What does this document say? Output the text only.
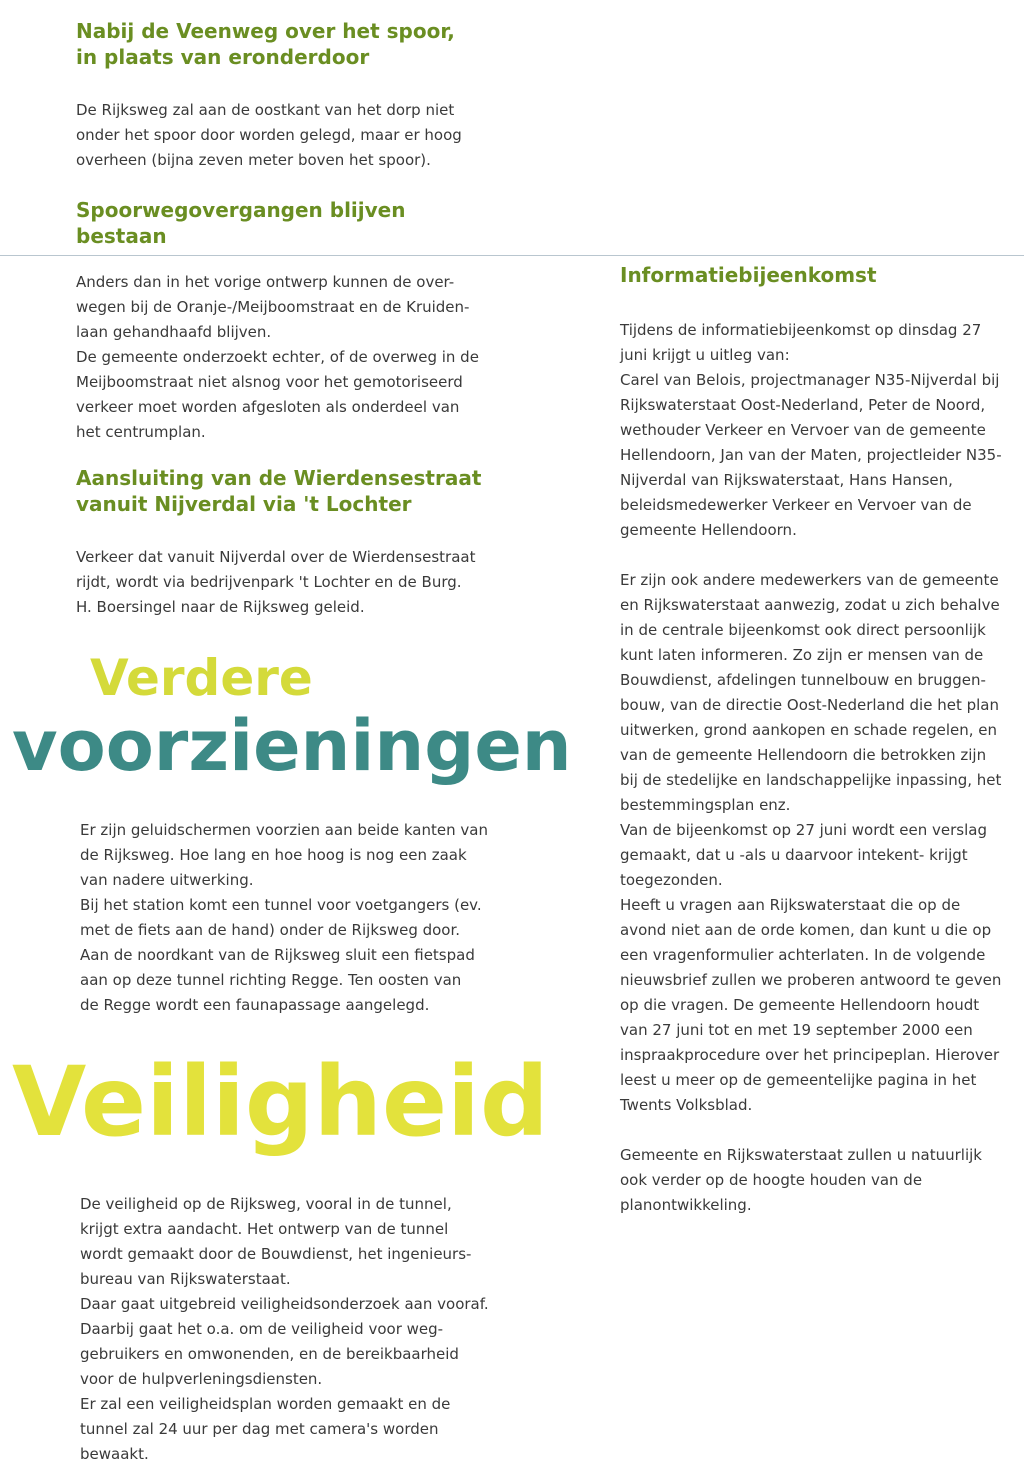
Nabij de Veenweg over het spoor,
in plaats van eronderdoor

De Rijksweg zal aan de oostkant van het dorp niet
onder het spoor door worden gelegd, maar er hoog
overheen (bijna zeven meter boven het spoor).

Spoorwegovergangen blijven
bestaan

Anders dan in het vorige ontwerp kunnen de over-
wegen bij de Oranje-/Meijboomstraat en de Kruiden-
laan gehandhaafd blijven.
De gemeente onderzoekt echter, of de overweg in de
Meijboomstraat niet alsnog voor het gemotoriseerd
verkeer moet worden afgesloten als onderdeel van
het centrumplan.

Aansluiting van de Wierdensestraat
vanuit Nijverdal via 't Lochter

Verkeer dat vanuit Nijverdal over de Wierdensestraat
rijdt, wordt via bedrijvenpark 't Lochter en de Burg.
H. Boersingel naar de Rijksweg geleid.

Verdere
voorzieningen

Er zijn geluidschermen voorzien aan beide kanten van
de Rijksweg. Hoe lang en hoe hoog is nog een zaak
van nadere uitwerking.
Bij het station komt een tunnel voor voetgangers (ev.
met de fiets aan de hand) onder de Rijksweg door.
Aan de noordkant van de Rijksweg sluit een fietspad
aan op deze tunnel richting Regge. Ten oosten van
de Regge wordt een faunapassage aangelegd.

Veiligheid

De veiligheid op de Rijksweg, vooral in de tunnel,
krijgt extra aandacht. Het ontwerp van de tunnel
wordt gemaakt door de Bouwdienst, het ingenieurs-
bureau van Rijkswaterstaat.
Daar gaat uitgebreid veiligheidsonderzoek aan vooraf.
Daarbij gaat het o.a. om de veiligheid voor weg-
gebruikers en omwonenden, en de bereikbaarheid
voor de hulpverleningsdiensten.
Er zal een veiligheidsplan worden gemaakt en de
tunnel zal 24 uur per dag met camera's worden
bewaakt.

Informatiebijeenkomst

Tijdens de informatiebijeenkomst op dinsdag 27
juni krijgt u uitleg van:
Carel van Belois, projectmanager N35-Nijverdal bij
Rijkswaterstaat Oost-Nederland, Peter de Noord,
wethouder Verkeer en Vervoer van de gemeente
Hellendoorn, Jan van der Maten, projectleider N35-
Nijverdal van Rijkswaterstaat, Hans Hansen,
beleidsmedewerker Verkeer en Vervoer van de
gemeente Hellendoorn.

Er zijn ook andere medewerkers van de gemeente
en Rijkswaterstaat aanwezig, zodat u zich behalve
in de centrale bijeenkomst ook direct persoonlijk
kunt laten informeren. Zo zijn er mensen van de
Bouwdienst, afdelingen tunnelbouw en bruggen-
bouw, van de directie Oost-Nederland die het plan
uitwerken, grond aankopen en schade regelen, en
van de gemeente Hellendoorn die betrokken zijn
bij de stedelijke en landschappelijke inpassing, het
bestemmingsplan enz.
Van de bijeenkomst op 27 juni wordt een verslag
gemaakt, dat u -als u daarvoor intekent- krijgt
toegezonden.
Heeft u vragen aan Rijkswaterstaat die op de
avond niet aan de orde komen, dan kunt u die op
een vragenformulier achterlaten. In de volgende
nieuwsbrief zullen we proberen antwoord te geven
op die vragen. De gemeente Hellendoorn houdt
van 27 juni tot en met 19 september 2000 een
inspraakprocedure over het principeplan. Hierover
leest u meer op de gemeentelijke pagina in het
Twents Volksblad.

Gemeente en Rijkswaterstaat zullen u natuurlijk
ook verder op de hoogte houden van de
planontwikkeling.
